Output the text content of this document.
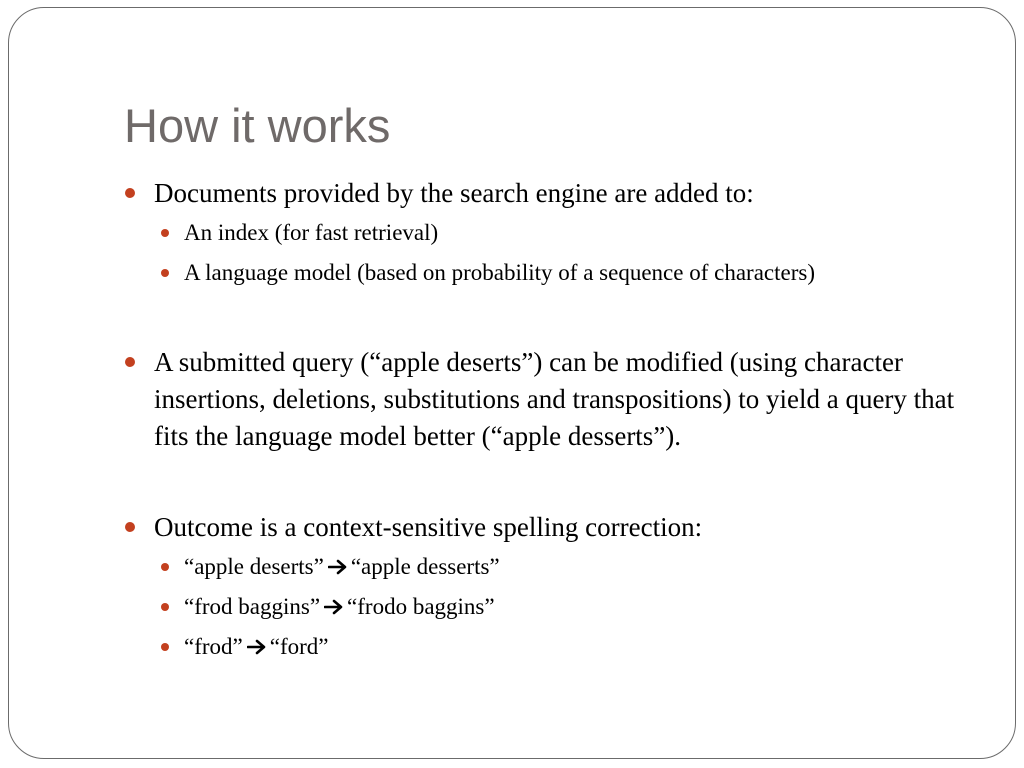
How it works
Documents provided by the search engine are added to:
An index (for fast retrieval)
A language model (based on probability of a sequence of characters)
A submitted query (“apple deserts”) can be modified (using character insertions, deletions, substitutions and transpositions) to yield a query that fits the language model better (“apple desserts”).
Outcome is a context-sensitive spelling correction:
“apple deserts” “apple desserts”
“frod baggins” “frodo baggins”
“frod” “ford”
